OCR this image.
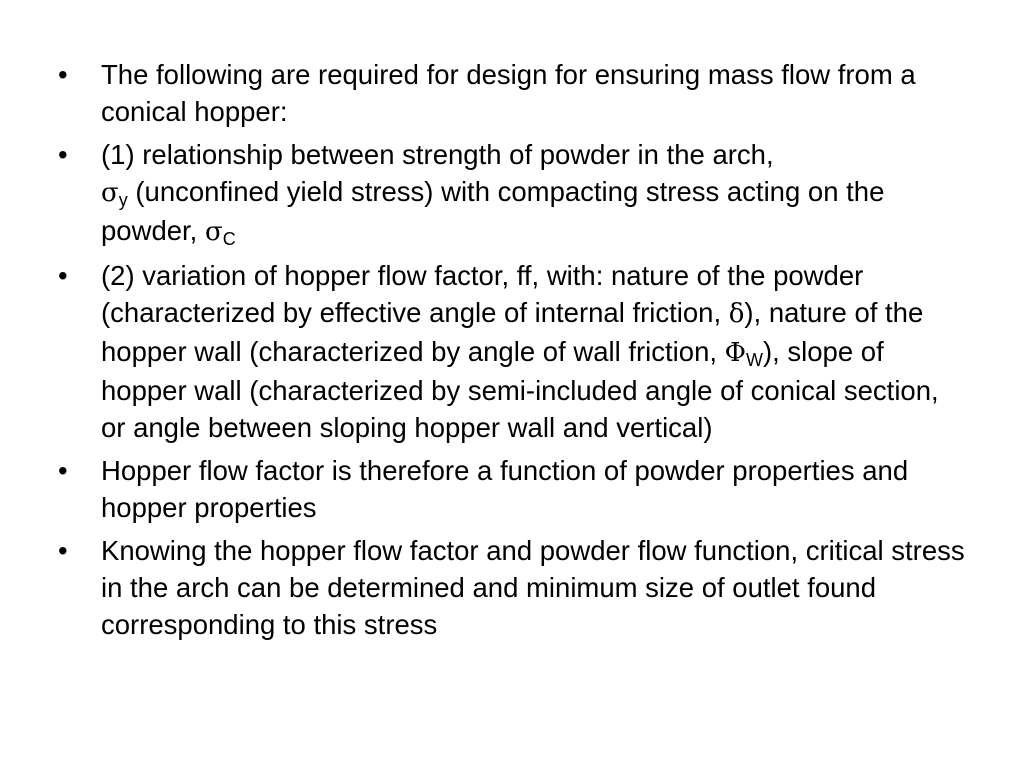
• The following are required for design for ensuring mass flow from a conical hopper:
• (1) relationship between strength of powder in the arch,
$\sigma_y$ (unconfined yield stress) with compacting stress acting on the powder, $\sigma_C$
• (2) variation of hopper flow factor, ff, with: nature of the powder (characterized by effective angle of internal friction, δ), nature of the hopper wall (characterized by angle of wall friction, $\Phi_W$), slope of hopper wall (characterized by semi-included angle of conical section, or angle between sloping hopper wall and vertical)
• Hopper flow factor is therefore a function of powder properties and hopper properties
• Knowing the hopper flow factor and powder flow function, critical stress in the arch can be determined and minimum size of outlet found corresponding to this stress
